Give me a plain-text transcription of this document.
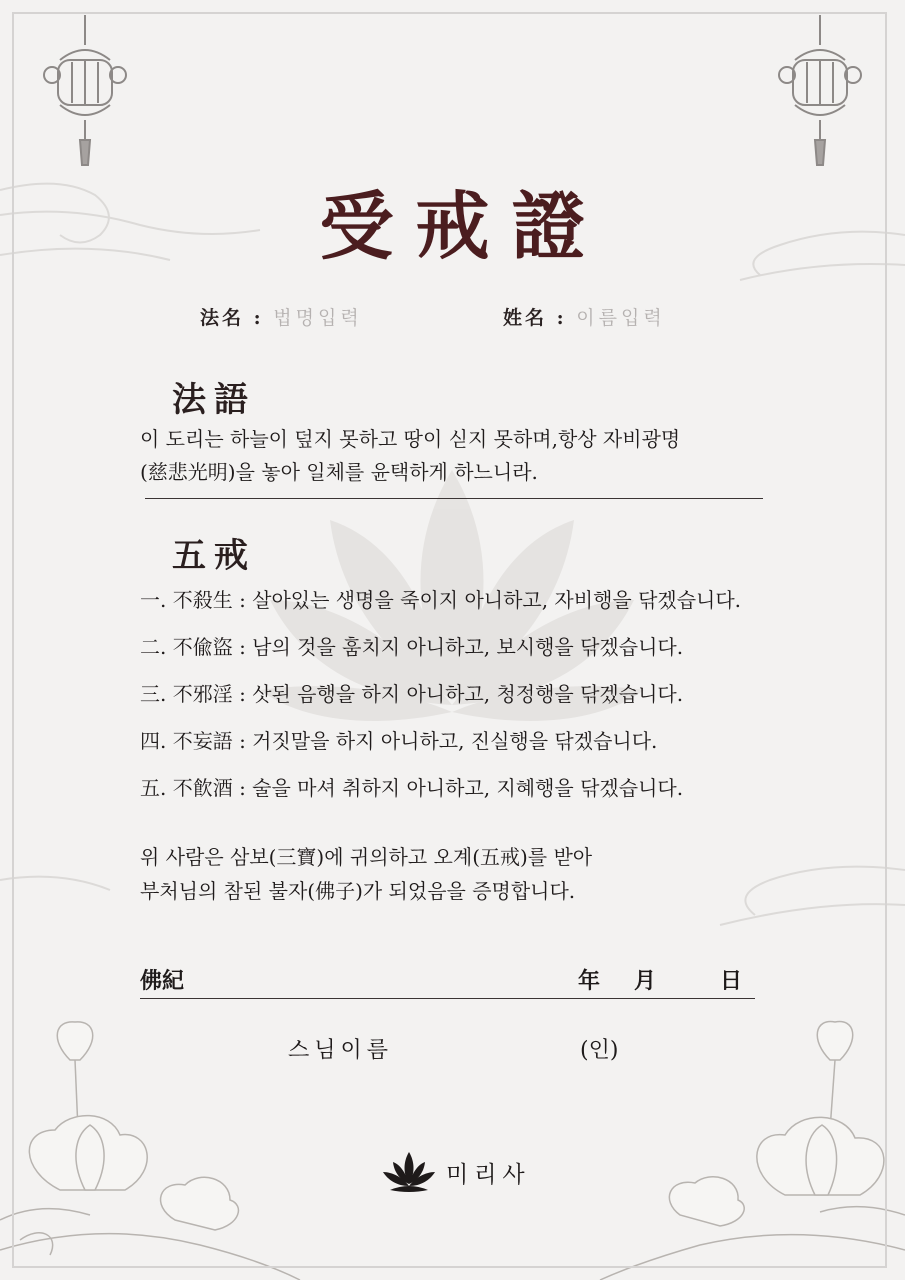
受戒證
法名 : 법명입력	姓名 : 이름입력
法語
이 도리는 하늘이 덮지 못하고 땅이 싣지 못하며,항상 자비광명
(慈悲光明)을 놓아 일체를 윤택하게 하느니라.
五戒
一. 不殺生 : 살아있는 생명을 죽이지 아니하고, 자비행을 닦겠습니다.
二. 不偸盜 : 남의 것을 훔치지 아니하고, 보시행을 닦겠습니다.
三. 不邪淫 : 삿된 음행을 하지 아니하고, 청정행을 닦겠습니다.
四. 不妄語 : 거짓말을 하지 아니하고, 진실행을 닦겠습니다.
五. 不飮酒 : 술을 마셔 취하지 아니하고, 지혜행을 닦겠습니다.
위 사람은 삼보(三寶)에 귀의하고 오계(五戒)를 받아
부처님의 참된 불자(佛子)가 되었음을 증명합니다.
佛紀	年 月	日
스님이름	(인)
미리사
